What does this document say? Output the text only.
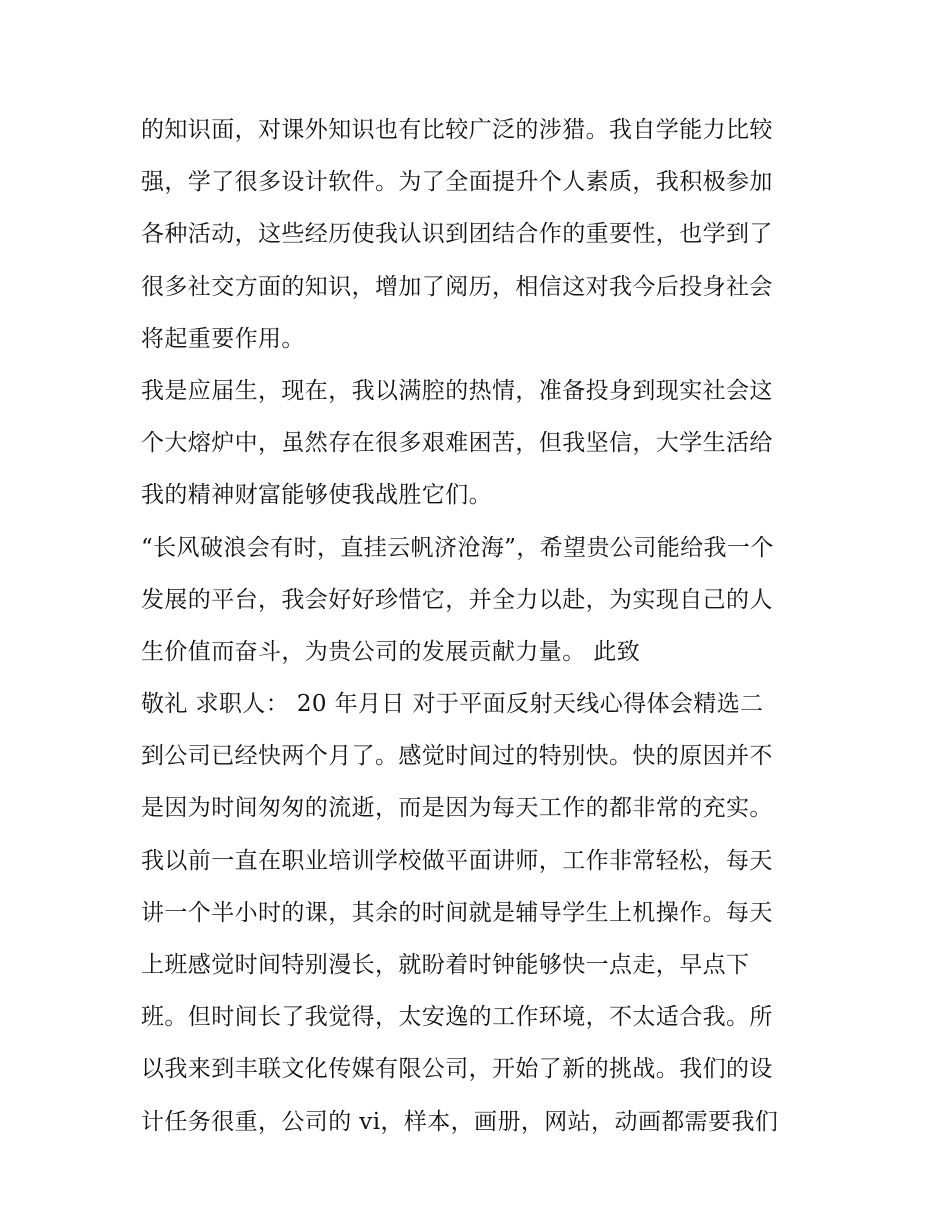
的知识面，对课外知识也有比较广泛的涉猎。我自学能力比较
强，学了很多设计软件。为了全面提升个人素质，我积极参加
各种活动，这些经历使我认识到团结合作的重要性，也学到了
很多社交方面的知识，增加了阅历，相信这对我今后投身社会
将起重要作用。
我是应届生，现在，我以满腔的热情，准备投身到现实社会这
个大熔炉中，虽然存在很多艰难困苦，但我坚信，大学生活给
我的精神财富能够使我战胜它们。
“长风破浪会有时，直挂云帆济沧海”，希望贵公司能给我一个
发展的平台，我会好好珍惜它，并全力以赴，为实现自己的人
生价值而奋斗，为贵公司的发展贡献力量。 此致
敬礼 求职人： 20 年月日 对于平面反射天线心得体会精选二
到公司已经快两个月了。感觉时间过的特别快。快的原因并不
是因为时间匆匆的流逝，而是因为每天工作的都非常的充实。
我以前一直在职业培训学校做平面讲师，工作非常轻松，每天
讲一个半小时的课，其余的时间就是辅导学生上机操作。每天
上班感觉时间特别漫长，就盼着时钟能够快一点走，早点下
班。但时间长了我觉得，太安逸的工作环境，不太适合我。所
以我来到丰联文化传媒有限公司，开始了新的挑战。我们的设
计任务很重，公司的 vi，样本，画册，网站，动画都需要我们
